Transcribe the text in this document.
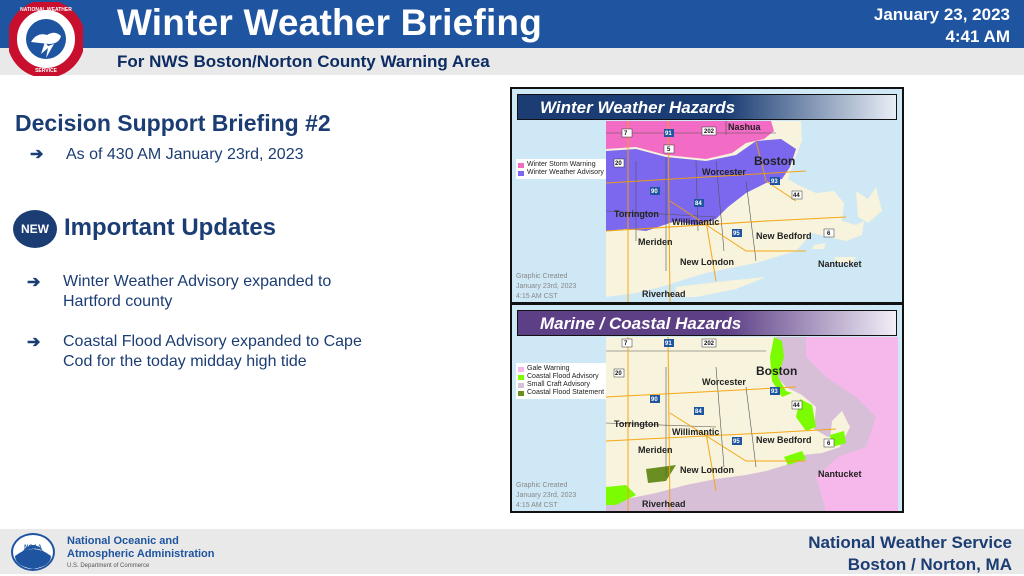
NATIONAL WEATHER
SERVICE
Winter Weather Briefing
For NWS Boston/Norton County Warning Area
January 23, 2023
4:41 AM
Decision Support Briefing #2
➔ As of 430 AM January 23rd, 2023
NEW Important Updates
➔ Winter Weather Advisory expanded to
Hartford county
➔ Coastal Flood Advisory expanded to Cape
Cod for the today midday high tide
Nashua
Boston
Worcester
Torrington
Willimantic
Meriden
New Bedford
New London	Nantucket
Riverhead
7	91	202
20
5
90
93
84
44
95	6
Winter Weather Hazards
Winter Storm Warning
Winter Weather Advisory
Graphic Created
January 23rd, 2023
4:15 AM CST
Boston
Worcester
Torrington
Willimantic
Meriden
New Bedford
New London	Nantucket
Riverhead
7	91	202
20
90
93
84
44
95	6
Marine / Coastal Hazards
Gale Warning
Coastal Flood Advisory
Small Craft Advisory
Coastal Flood Statement
Graphic Created
January 23rd, 2023
4:15 AM CST
NOAA
National Oceanic and
Atmospheric Administration
U.S. Department of Commerce
National Weather Service
Boston / Norton, MA
